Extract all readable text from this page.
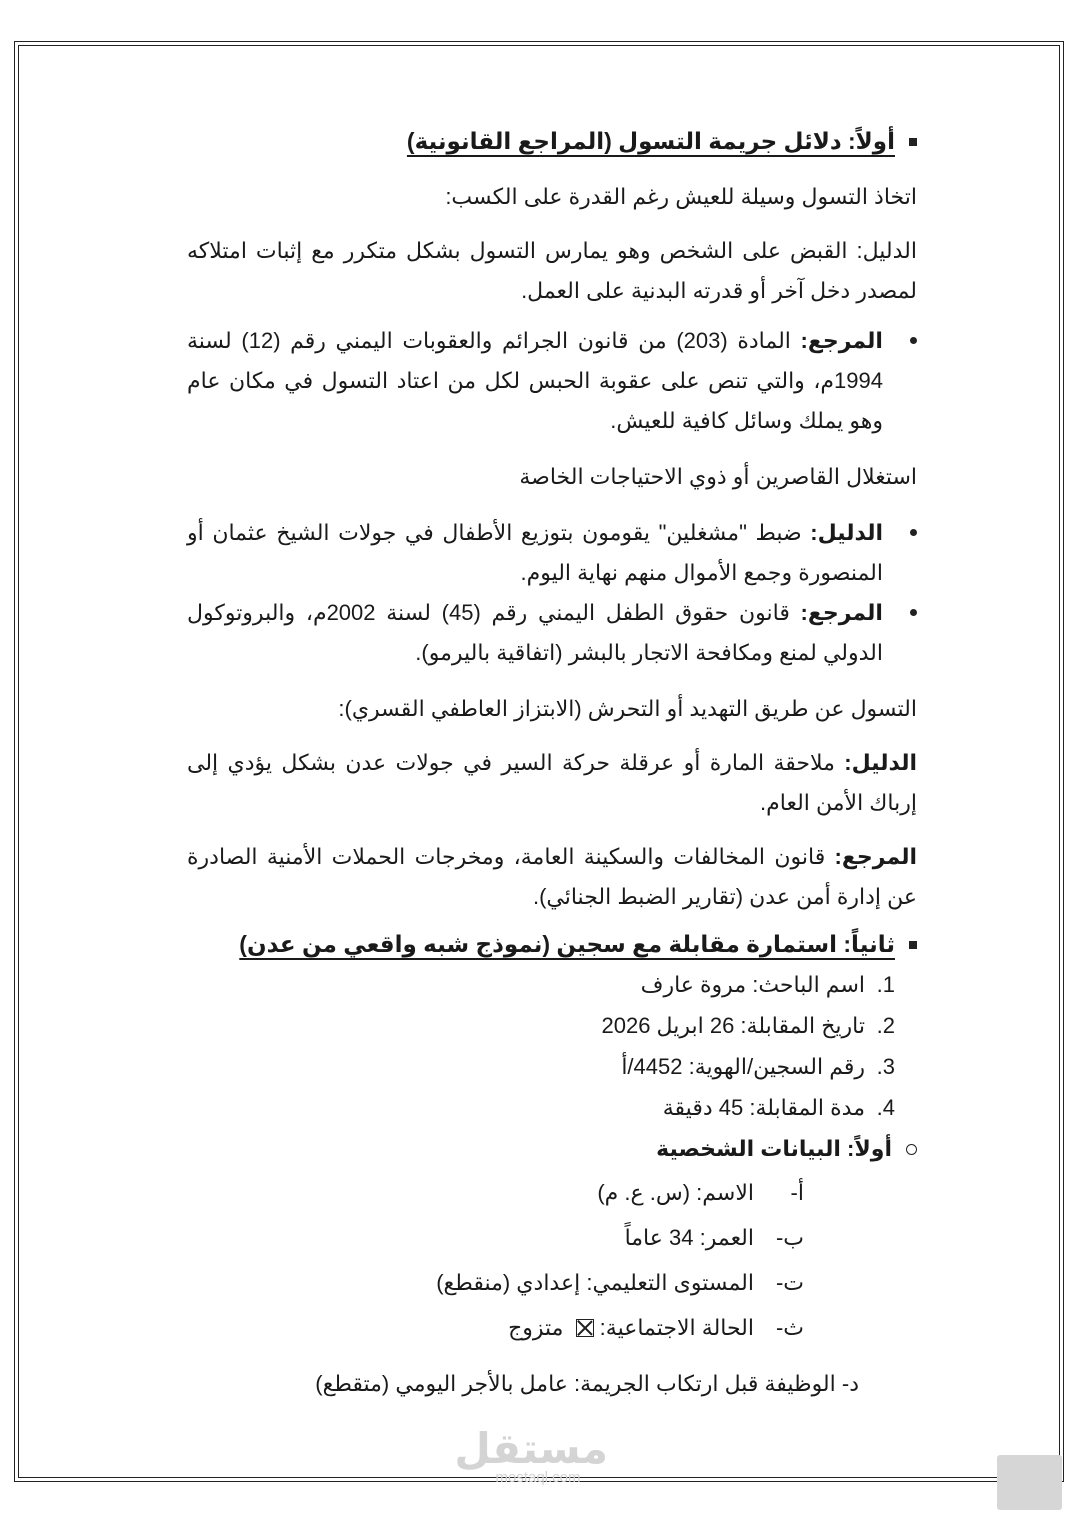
أولاً: دلائل جريمة التسول (المراجع القانونية)

اتخاذ التسول وسيلة للعيش رغم القدرة على الكسب:

الدليل: القبض على الشخص وهو يمارس التسول بشكل متكرر مع إثبات امتلاكه لمصدر دخل آخر أو قدرته البدنية على العمل.

المرجع: المادة (203) من قانون الجرائم والعقوبات اليمني رقم (12) لسنة 1994م، والتي تنص على عقوبة الحبس لكل من اعتاد التسول في مكان عام وهو يملك وسائل كافية للعيش.

استغلال القاصرين أو ذوي الاحتياجات الخاصة

الدليل: ضبط "مشغلين" يقومون بتوزيع الأطفال في جولات الشيخ عثمان أو المنصورة وجمع الأموال منهم نهاية اليوم.
المرجع: قانون حقوق الطفل اليمني رقم (45) لسنة 2002م، والبروتوكول الدولي لمنع ومكافحة الاتجار بالبشر (اتفاقية باليرمو).

التسول عن طريق التهديد أو التحرش (الابتزاز العاطفي القسري):

الدليل: ملاحقة المارة أو عرقلة حركة السير في جولات عدن بشكل يؤدي إلى إرباك الأمن العام.

المرجع: قانون المخالفات والسكينة العامة، ومخرجات الحملات الأمنية الصادرة عن إدارة أمن عدن (تقارير الضبط الجنائي).

ثانياً: استمارة مقابلة مع سجين (نموذج شبه واقعي من عدن)
1.اسم الباحث: مروة عارف
2.تاريخ المقابلة: 26 ابريل 2026
3.رقم السجين/الهوية: 4452/أ
4.مدة المقابلة: 45 دقيقة
أولاً: البيانات الشخصية
أ-الاسم: (س. ع. م)
ب-العمر: 34 عاماً
ت-المستوى التعليمي: إعدادي (منقطع)
ث-الحالة الاجتماعية:  متزوج

د- الوظيفة قبل ارتكاب الجريمة: عامل بالأجر اليومي (متقطع)

مستقل
mostaql.com
